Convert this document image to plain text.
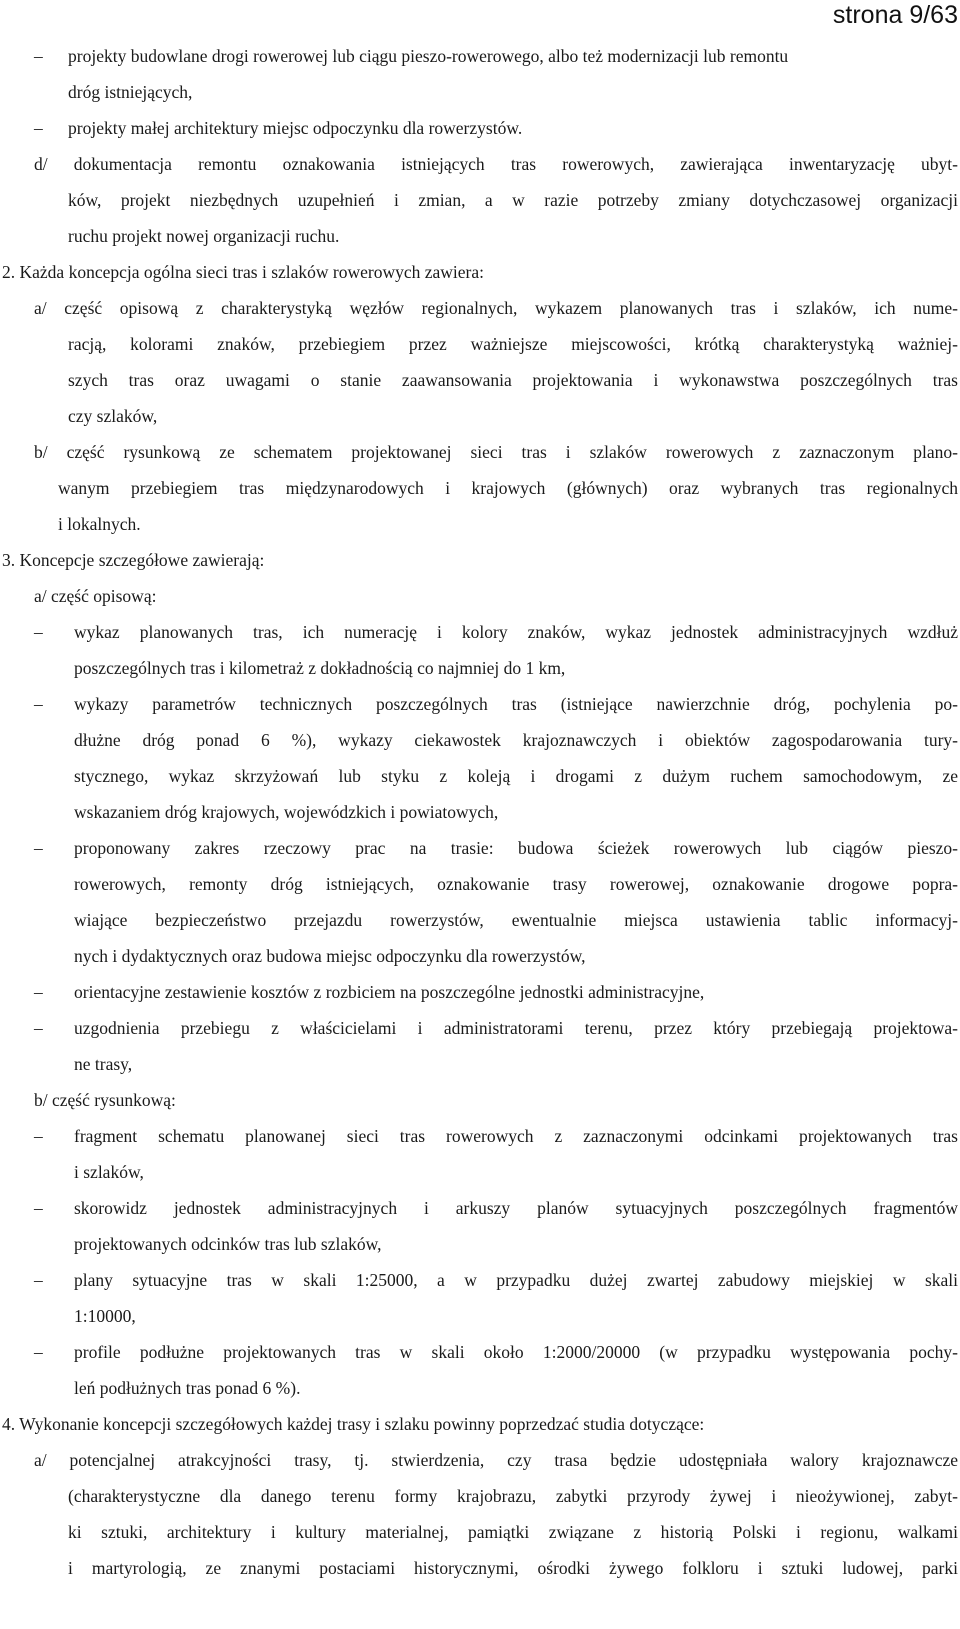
strona 9/63
–	projekty budowlane drogi rowerowej lub ciągu pieszo-rowerowego, albo też modernizacji lub remontu
dróg istniejących,
–	projekty małej architektury miejsc odpoczynku dla rowerzystów.
d/ dokumentacja remontu oznakowania istniejących tras rowerowych, zawierająca inwentaryzację ubyt-
ków, projekt niezbędnych uzupełnień i zmian, a w razie potrzeby zmiany dotychczasowej organizacji
ruchu projekt nowej organizacji ruchu.
2. Każda koncepcja ogólna sieci tras i szlaków rowerowych zawiera:
a/ część opisową z charakterystyką węzłów regionalnych, wykazem planowanych tras i szlaków, ich nume-
racją, kolorami znaków, przebiegiem przez ważniejsze miejscowości, krótką charakterystyką ważniej-
szych tras oraz uwagami o stanie zaawansowania projektowania i wykonawstwa poszczególnych tras
czy szlaków,
b/ część rysunkową ze schematem projektowanej sieci tras i szlaków rowerowych z zaznaczonym plano-
wanym przebiegiem tras międzynarodowych i krajowych (głównych) oraz wybranych tras regionalnych
i lokalnych.
3. Koncepcje szczegółowe zawierają:
a/ część opisową:
–	wykaz planowanych tras, ich numerację i kolory znaków, wykaz jednostek administracyjnych wzdłuż
poszczególnych tras i kilometraż z dokładnością co najmniej do 1 km,
–	wykazy parametrów technicznych poszczególnych tras (istniejące nawierzchnie dróg, pochylenia po-
dłużne dróg ponad 6 %), wykazy ciekawostek krajoznawczych i obiektów zagospodarowania tury-
stycznego, wykaz skrzyżowań lub styku z koleją i drogami z dużym ruchem samochodowym, ze
wskazaniem dróg krajowych, wojewódzkich i powiatowych,
–	proponowany zakres rzeczowy prac na trasie: budowa ścieżek rowerowych lub ciągów pieszo-
rowerowych, remonty dróg istniejących, oznakowanie trasy rowerowej, oznakowanie drogowe popra-
wiające bezpieczeństwo przejazdu rowerzystów, ewentualnie miejsca ustawienia tablic informacyj-
nych i dydaktycznych oraz budowa miejsc odpoczynku dla rowerzystów,
–	orientacyjne zestawienie kosztów z rozbiciem na poszczególne jednostki administracyjne,
–	uzgodnienia przebiegu z właścicielami i administratorami terenu, przez który przebiegają projektowa-
ne trasy,
b/ część rysunkową:
–	fragment schematu planowanej sieci tras rowerowych z zaznaczonymi odcinkami projektowanych tras
i szlaków,
–	skorowidz jednostek administracyjnych i arkuszy planów sytuacyjnych poszczególnych fragmentów
projektowanych odcinków tras lub szlaków,
–	plany sytuacyjne tras w skali 1:25000, a w przypadku dużej zwartej zabudowy miejskiej w skali
1:10000,
–	profile podłużne projektowanych tras w skali około 1:2000/20000 (w przypadku występowania pochy-
leń podłużnych tras ponad 6 %).
4. Wykonanie koncepcji szczegółowych każdej trasy i szlaku powinny poprzedzać studia dotyczące:
a/ potencjalnej atrakcyjności trasy, tj. stwierdzenia, czy trasa będzie udostępniała walory krajoznawcze
(charakterystyczne dla danego terenu formy krajobrazu, zabytki przyrody żywej i nieożywionej, zabyt-
ki sztuki, architektury i kultury materialnej, pamiątki związane z historią Polski i regionu, walkami
i martyrologią, ze znanymi postaciami historycznymi, ośrodki żywego folkloru i sztuki ludowej, parki
